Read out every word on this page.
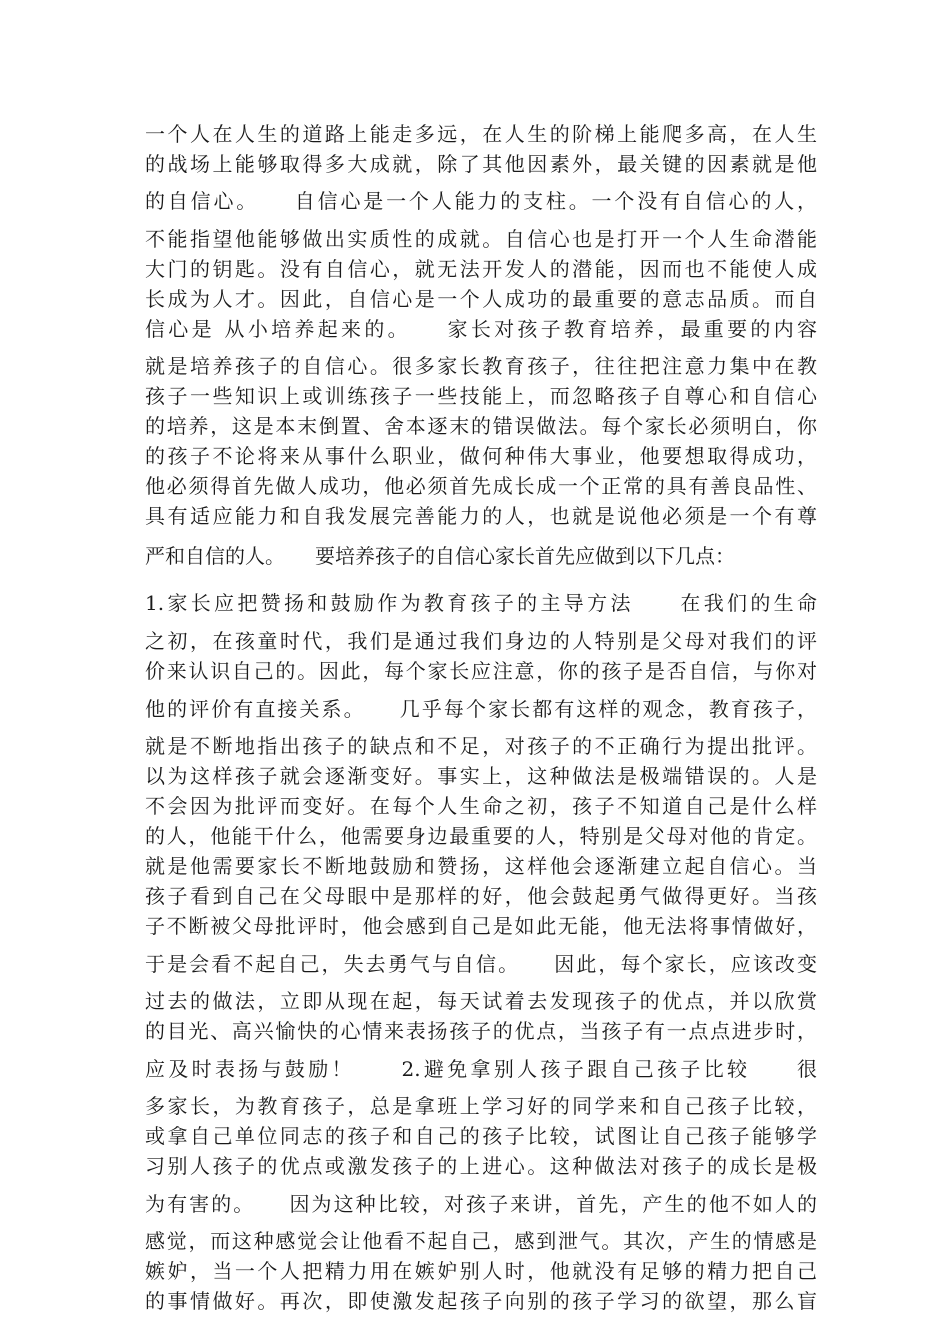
一个人在人生的道路上能走多远，在人生的阶梯上能爬多高，在人生
的战场上能够取得多大成就，除了其他因素外，最关键的因素就是他
的自信心。　　自信心是一个人能力的支柱。一个没有自信心的人，
不能指望他能够做出实质性的成就。自信心也是打开一个人生命潜能
大门的钥匙。没有自信心，就无法开发人的潜能，因而也不能使人成
长成为人才。因此，自信心是一个人成功的最重要的意志品质。而自
信心是 从小培养起来的。　　家长对孩子教育培养，最重要的内容
就是培养孩子的自信心。很多家长教育孩子，往往把注意力集中在教
孩子一些知识上或训练孩子一些技能上，而忽略孩子自尊心和自信心
的培养，这是本末倒置、舍本逐末的错误做法。每个家长必须明白，你
的孩子不论将来从事什么职业，做何种伟大事业，他要想取得成功，
他必须得首先做人成功，他必须首先成长成一个正常的具有善良品性、
具有适应能力和自我发展完善能力的人，也就是说他必须是一个有尊
严和自信的人。　　要培养孩子的自信心家长首先应做到以下几点：
1.家长应把赞扬和鼓励作为教育孩子的主导方法　　在我们的生命
之初，在孩童时代，我们是通过我们身边的人特别是父母对我们的评
价来认识自己的。因此，每个家长应注意，你的孩子是否自信，与你对
他的评价有直接关系。　　几乎每个家长都有这样的观念，教育孩子，
就是不断地指出孩子的缺点和不足，对孩子的不正确行为提出批评。
以为这样孩子就会逐渐变好。事实上，这种做法是极端错误的。人是
不会因为批评而变好。在每个人生命之初，孩子不知道自己是什么样
的人，他能干什么，他需要身边最重要的人，特别是父母对他的肯定。
就是他需要家长不断地鼓励和赞扬，这样他会逐渐建立起自信心。当
孩子看到自己在父母眼中是那样的好，他会鼓起勇气做得更好。当孩
子不断被父母批评时，他会感到自己是如此无能，他无法将事情做好，
于是会看不起自己，失去勇气与自信。　　因此，每个家长，应该改变
过去的做法，立即从现在起，每天试着去发现孩子的优点，并以欣赏
的目光、高兴愉快的心情来表扬孩子的优点，当孩子有一点点进步时，
应及时表扬与鼓励！　　2.避免拿别人孩子跟自己孩子比较　　很
多家长，为教育孩子，总是拿班上学习好的同学来和自己孩子比较，
或拿自己单位同志的孩子和自己的孩子比较，试图让自己孩子能够学
习别人孩子的优点或激发孩子的上进心。这种做法对孩子的成长是极
为有害的。　　因为这种比较，对孩子来讲，首先，产生的他不如人的
感觉，而这种感觉会让他看不起自己，感到泄气。其次，产生的情感是
嫉妒，当一个人把精力用在嫉妒别人时，他就没有足够的精力把自己
的事情做好。再次，即使激发起孩子向别的孩子学习的欲望，那么盲
